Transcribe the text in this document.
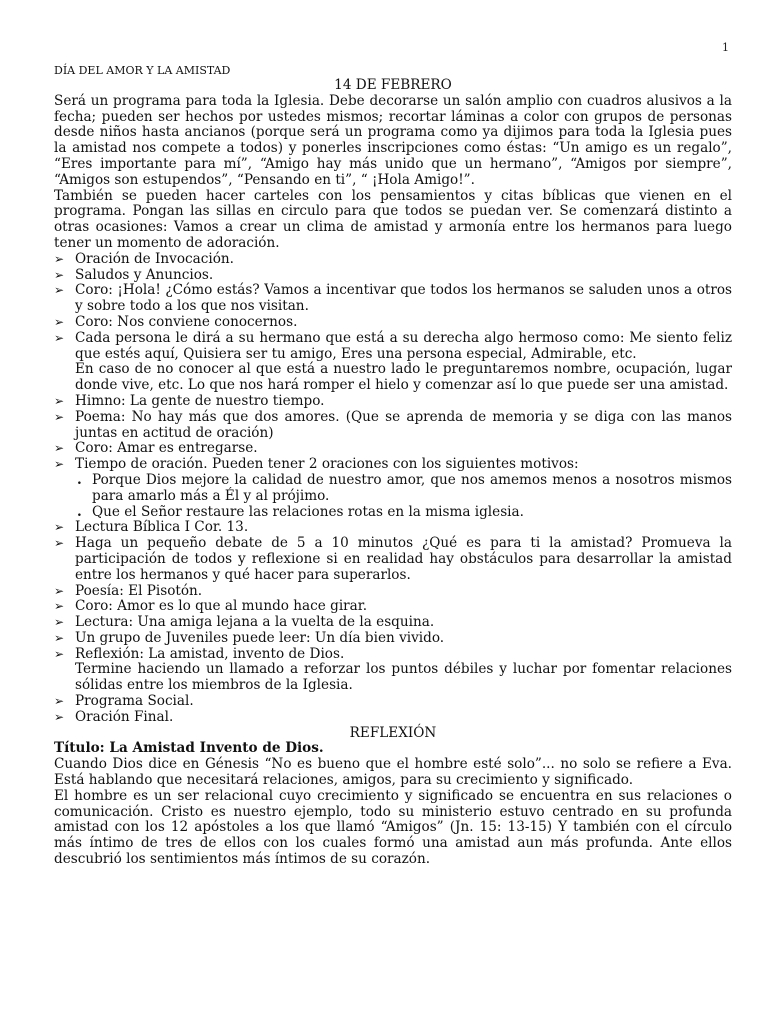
1
DÍA DEL AMOR Y LA AMISTAD
14 DE FEBRERO

Será un programa para toda la Iglesia. Debe decorarse un salón amplio con cuadros alusivos a la fecha; pueden ser hechos por ustedes mismos; recortar láminas a color con grupos de personas desde niños hasta ancianos (porque será un programa como ya dijimos para toda la Iglesia pues la amistad nos compete a todos) y ponerles inscripciones como éstas: “Un amigo es un regalo”, “Eres importante para mí”, “Amigo hay más unido que un hermano”, “Amigos por siempre”, “Amigos son estupendos”, “Pensando en ti”, “ ¡Hola Amigo!”.

También se pueden hacer carteles con los pensamientos y citas bíblicas que vienen en el programa. Pongan las sillas en circulo para que todos se puedan ver. Se comenzará distinto a otras ocasiones: Vamos a crear un clima de amistad y armonía entre los hermanos para luego tener un momento de adoración.

➢ Oración de Invocación.
➢ Saludos y Anuncios.
➢ Coro: ¡Hola! ¿Cómo estás? Vamos a incentivar que todos los hermanos se saluden unos a otros y sobre todo a los que nos visitan.
➢ Coro: Nos conviene conocernos.
➢ Cada persona le dirá a su hermano que está a su derecha algo hermoso como: Me siento feliz que estés aquí, Quisiera ser tu amigo, Eres una persona especial, Admirable, etc.

En caso de no conocer al que está a nuestro lado le preguntaremos nombre, ocupación, lugar donde vive, etc. Lo que nos hará romper el hielo y comenzar así lo que puede ser una amistad.

➢ Himno: La gente de nuestro tiempo.
➢ Poema: No hay más que dos amores. (Que se aprenda de memoria y se diga con las manos juntas en actitud de oración)
➢ Coro: Amar es entregarse.
➢ Tiempo de oración. Pueden tener 2 oraciones con los siguientes motivos:
. Porque Dios mejore la calidad de nuestro amor, que nos amemos menos a nosotros mismos para amarlo más a Él y al prójimo.
. Que el Señor restaure las relaciones rotas en la misma iglesia.
➢ Lectura Bíblica I Cor. 13.
➢ Haga un pequeño debate de 5 a 10 minutos ¿Qué es para ti la amistad? Promueva la participación de todos y reflexione si en realidad hay obstáculos para desarrollar la amistad entre los hermanos y qué hacer para superarlos.
➢ Poesía: El Pisotón.
➢ Coro: Amor es lo que al mundo hace girar.
➢ Lectura: Una amiga lejana a la vuelta de la esquina.
➢ Un grupo de Juveniles puede leer: Un día bien vivido.
➢ Reflexión: La amistad, invento de Dios.

Termine haciendo un llamado a reforzar los puntos débiles y luchar por fomentar relaciones sólidas entre los miembros de la Iglesia.

➢ Programa Social.
➢ Oración Final.
REFLEXIÓN
Título: La Amistad Invento de Dios.

Cuando Dios dice en Génesis “No es bueno que el hombre esté solo”... no solo se refiere a Eva. Está hablando que necesitará relaciones, amigos, para su crecimiento y significado.

El hombre es un ser relacional cuyo crecimiento y significado se encuentra en sus relaciones o comunicación. Cristo es nuestro ejemplo, todo su ministerio estuvo centrado en su profunda amistad con los 12 apóstoles a los que llamó “Amigos” (Jn. 15: 13-15) Y también con el círculo más íntimo de tres de ellos con los cuales formó una amistad aun más profunda. Ante ellos descubrió los sentimientos más íntimos de su corazón.
